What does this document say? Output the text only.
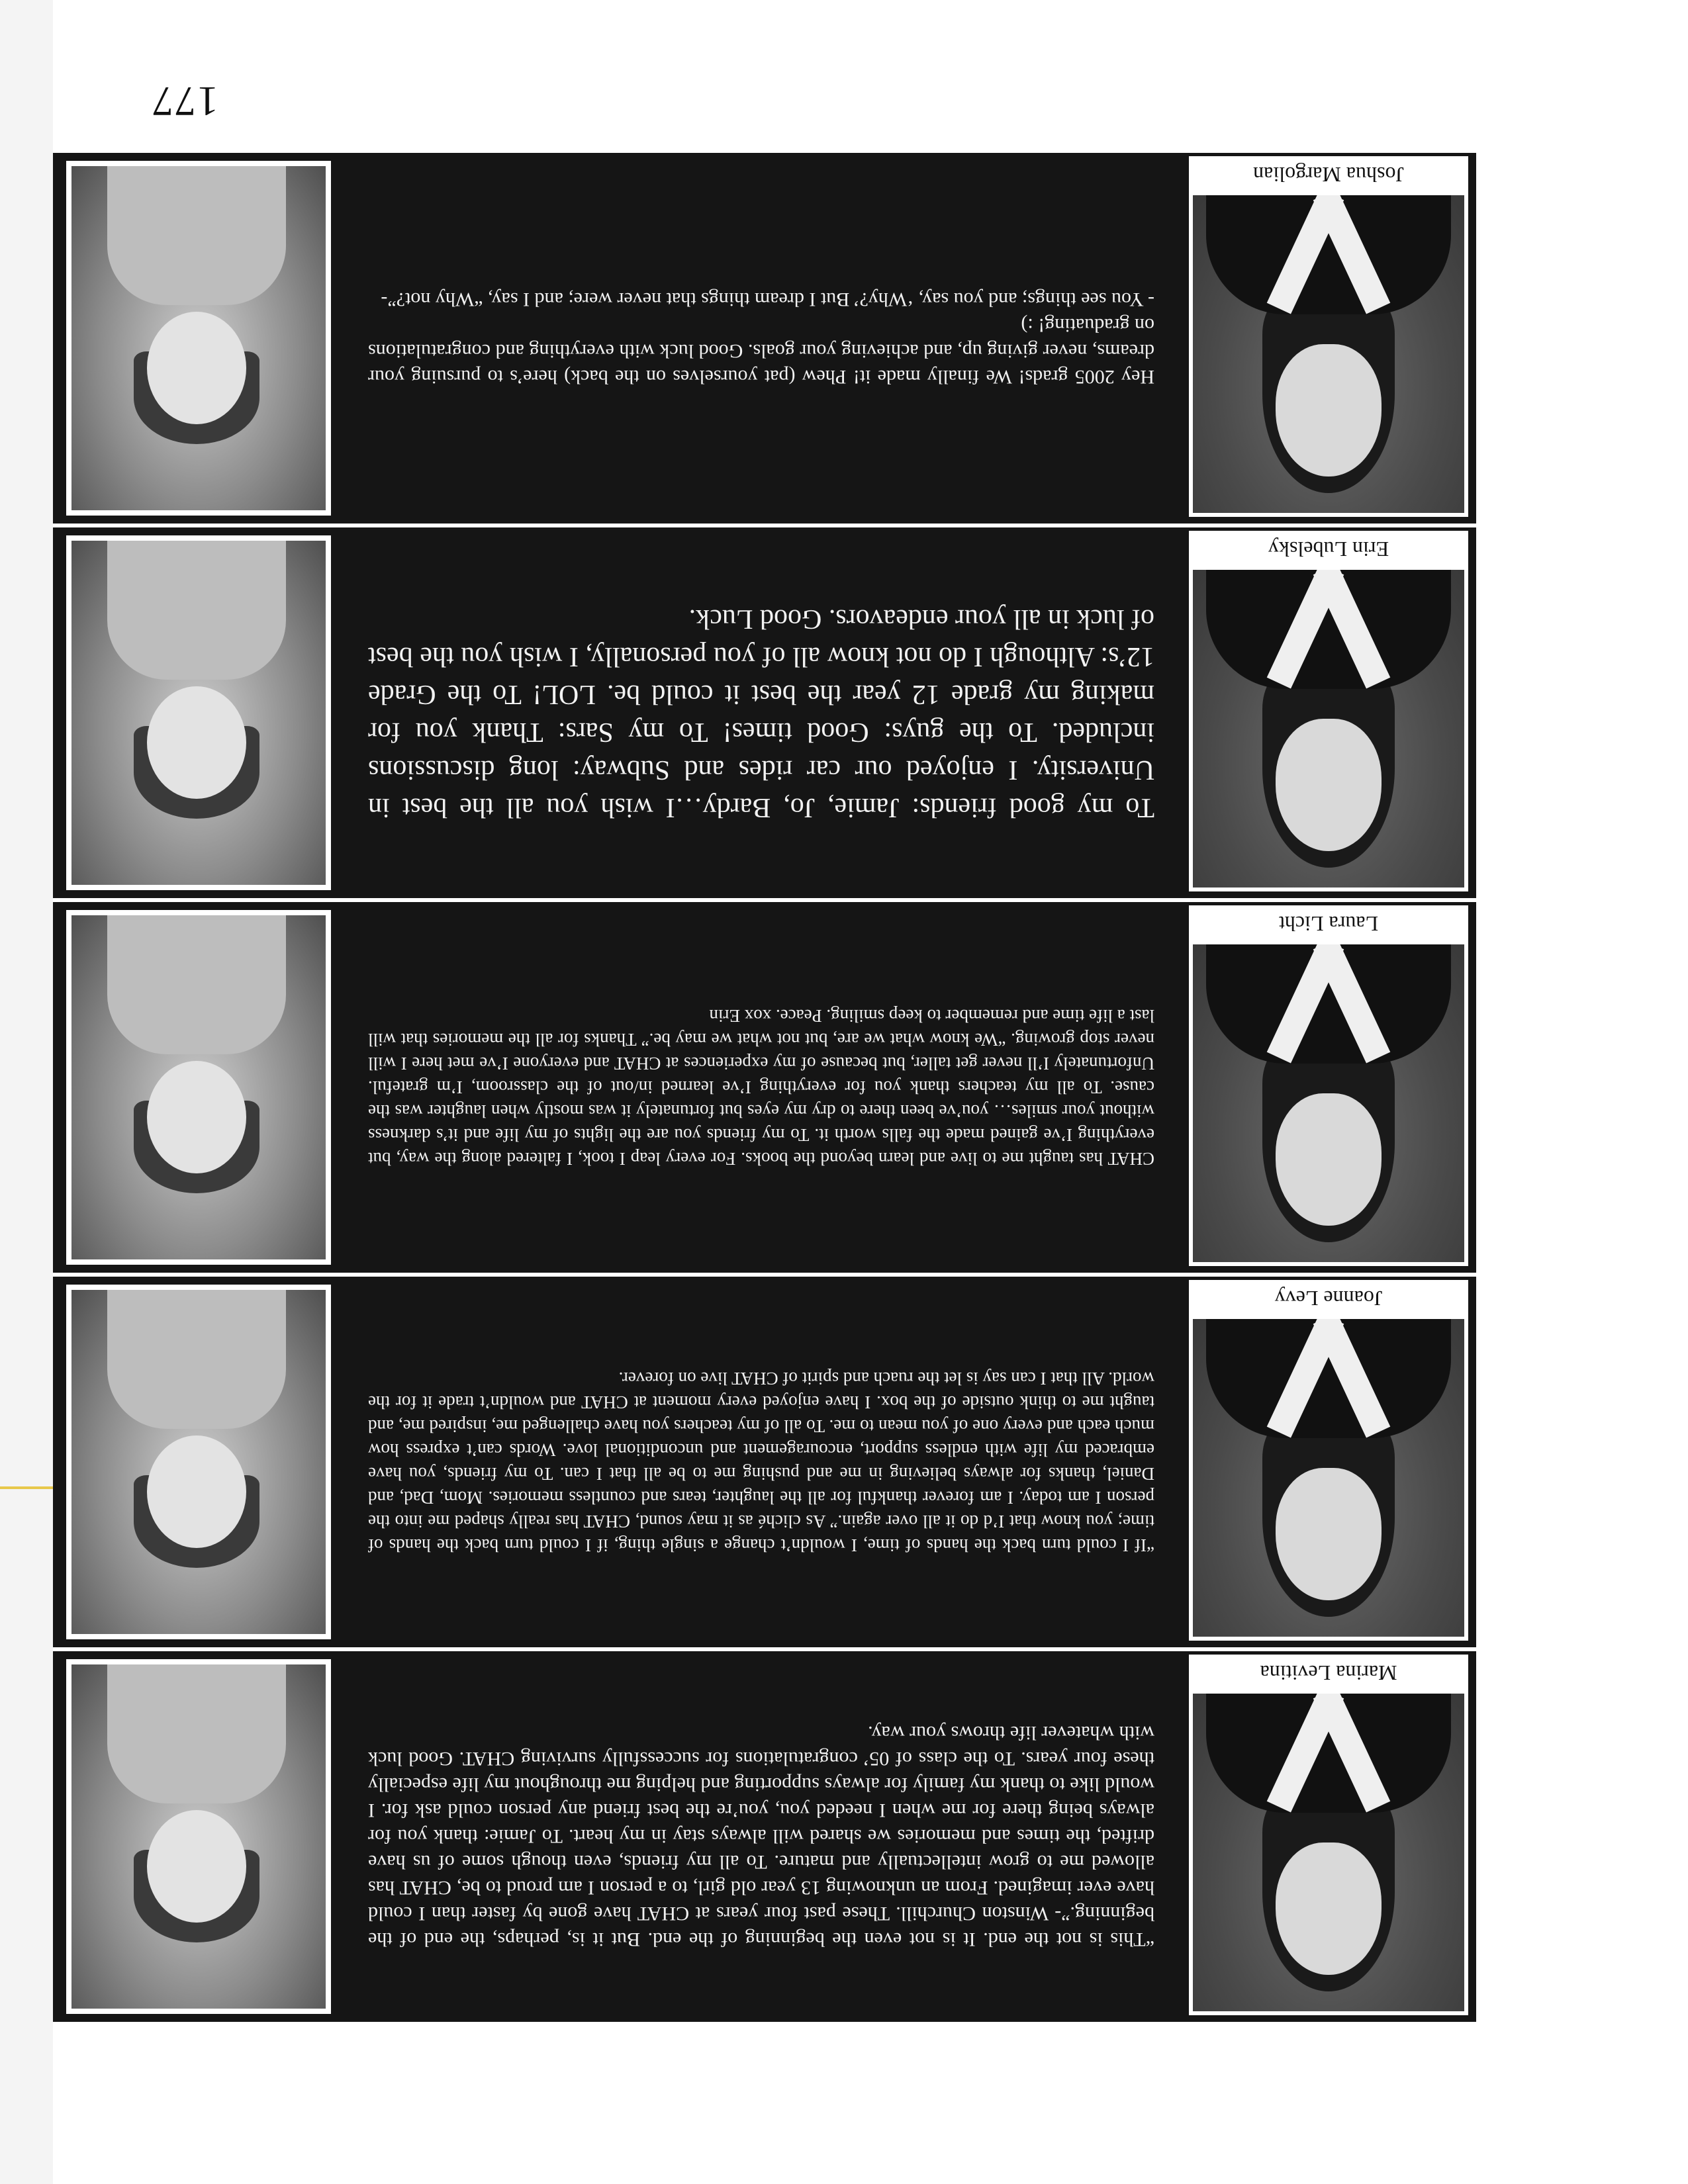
177
Marina Levitina

“This is not the end. It is not even the beginning of the end. But it is, perhaps, the end of the beginning.”- Winston Churchill. These past four years at CHAT have gone by faster than I could have ever imagined. From an unknowing 13 year old girl, to a person I am proud to be, CHAT has allowed me to grow intellectually and mature. To all my friends, even though some of us have drifted, the times and memories we shared will always stay in my heart. To Jamie: thank you for always being there for me when I needed you, you’re the best friend any person could ask for. I would like to thank my family for always supporting and helping me throughout my life especially these four years. To the class of 05’ congratulations for successfully surviving CHAT. Good luck with whatever life throws your way.

Joanne Levy

“If I could turn back the hands of time, I wouldn’t change a single thing, if I could turn back the hands of time; you know that I’d do it all over again.” As cliché as it may sound, CHAT has really shaped me into the person I am today. I am forever thankful for all the laughter, tears and countless memories. Mom, Dad, and Daniel, thanks for always believing in me and pushing me to be all that I can. To my friends, you have embraced my life with endless support, encouragement and unconditional love. Words can’t express how much each and every one of you mean to me. To all of my teachers you have challenged me, inspired me, and taught me to think outside of the box. I have enjoyed every moment at CHAT and wouldn’t trade it for the world. All that I can say is let the ruach and spirit of CHAT live on forever.

Laura Licht

CHAT has taught me to live and learn beyond the books. For every leap I took, I faltered along the way, but everything I’ve gained made the falls worth it. To my friends you are the lights of my life and it’s darkness without your smiles… you’ve been there to dry my eyes but fortunately it was mostly when laughter was the cause. To all my teachers thank you for everything I’ve learned in/out of the classroom, I’m grateful. Unfortunately I’ll never get taller, but because of my experiences at CHAT and everyone I’ve met here I will never stop growing. “We know what we are, but not what we may be.” Thanks for all the memories that will last a life time and remember to keep smiling. Peace. xox Erin

Erin Lubelsky

To my good friends: Jamie, Jo, Bardy…I wish you all the best in University. I enjoyed our car rides and Subway: long discussions included. To the guys: Good times! To my Sars: Thank you for making my grade 12 year the best it could be. LOL! To the Grade 12’s: Although I do not know all of you personally, I wish you the best of luck in all your endeavors. Good Luck.

Joshua Margolian

Hey 2005 grads! We finally made it! Phew (pat yourselves on the back) here’s to pursuing your dreams, never giving up, and achieving your goals. Good luck with everything and congratulations on graduating! :)
- You see things; and you say, ‘Why?’ But I dream things that never were; and I say, “Why not?”-
